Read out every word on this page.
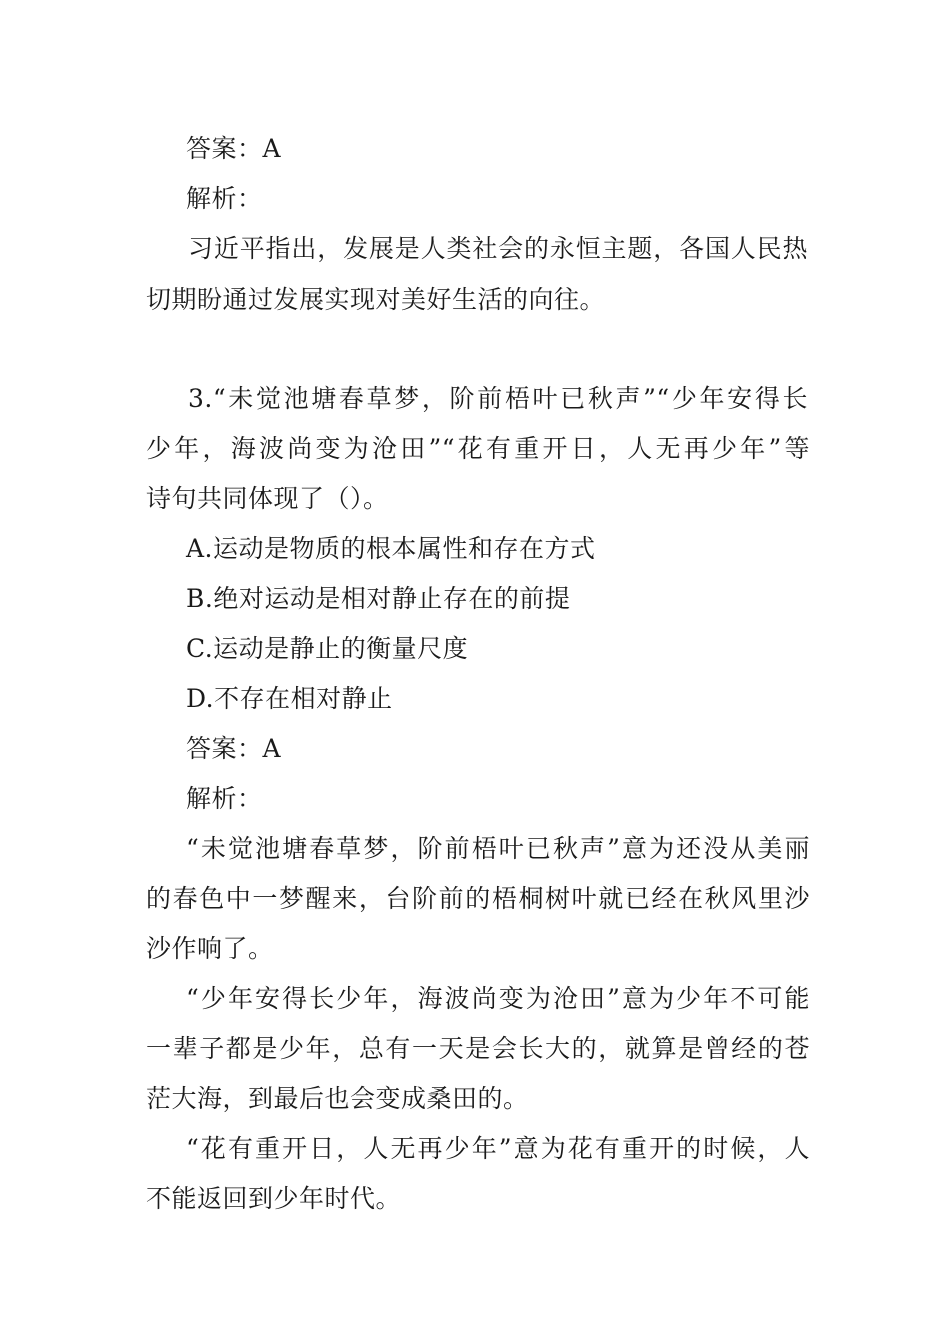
答案：A
解析：
习近平指出，发展是人类社会的永恒主题，各国人民热
切期盼通过发展实现对美好生活的向往。
3.“未觉池塘春草梦，阶前梧叶已秋声”“少年安得长
少年，海波尚变为沧田”“花有重开日，人无再少年”等
诗句共同体现了（）。
A.运动是物质的根本属性和存在方式
B.绝对运动是相对静止存在的前提
C.运动是静止的衡量尺度
D.不存在相对静止
答案：A
解析：
“未觉池塘春草梦，阶前梧叶已秋声”意为还没从美丽
的春色中一梦醒来，台阶前的梧桐树叶就已经在秋风里沙
沙作响了。
“少年安得长少年，海波尚变为沧田”意为少年不可能
一辈子都是少年，总有一天是会长大的，就算是曾经的苍
茫大海，到最后也会变成桑田的。
“花有重开日，人无再少年”意为花有重开的时候，人
不能返回到少年时代。
